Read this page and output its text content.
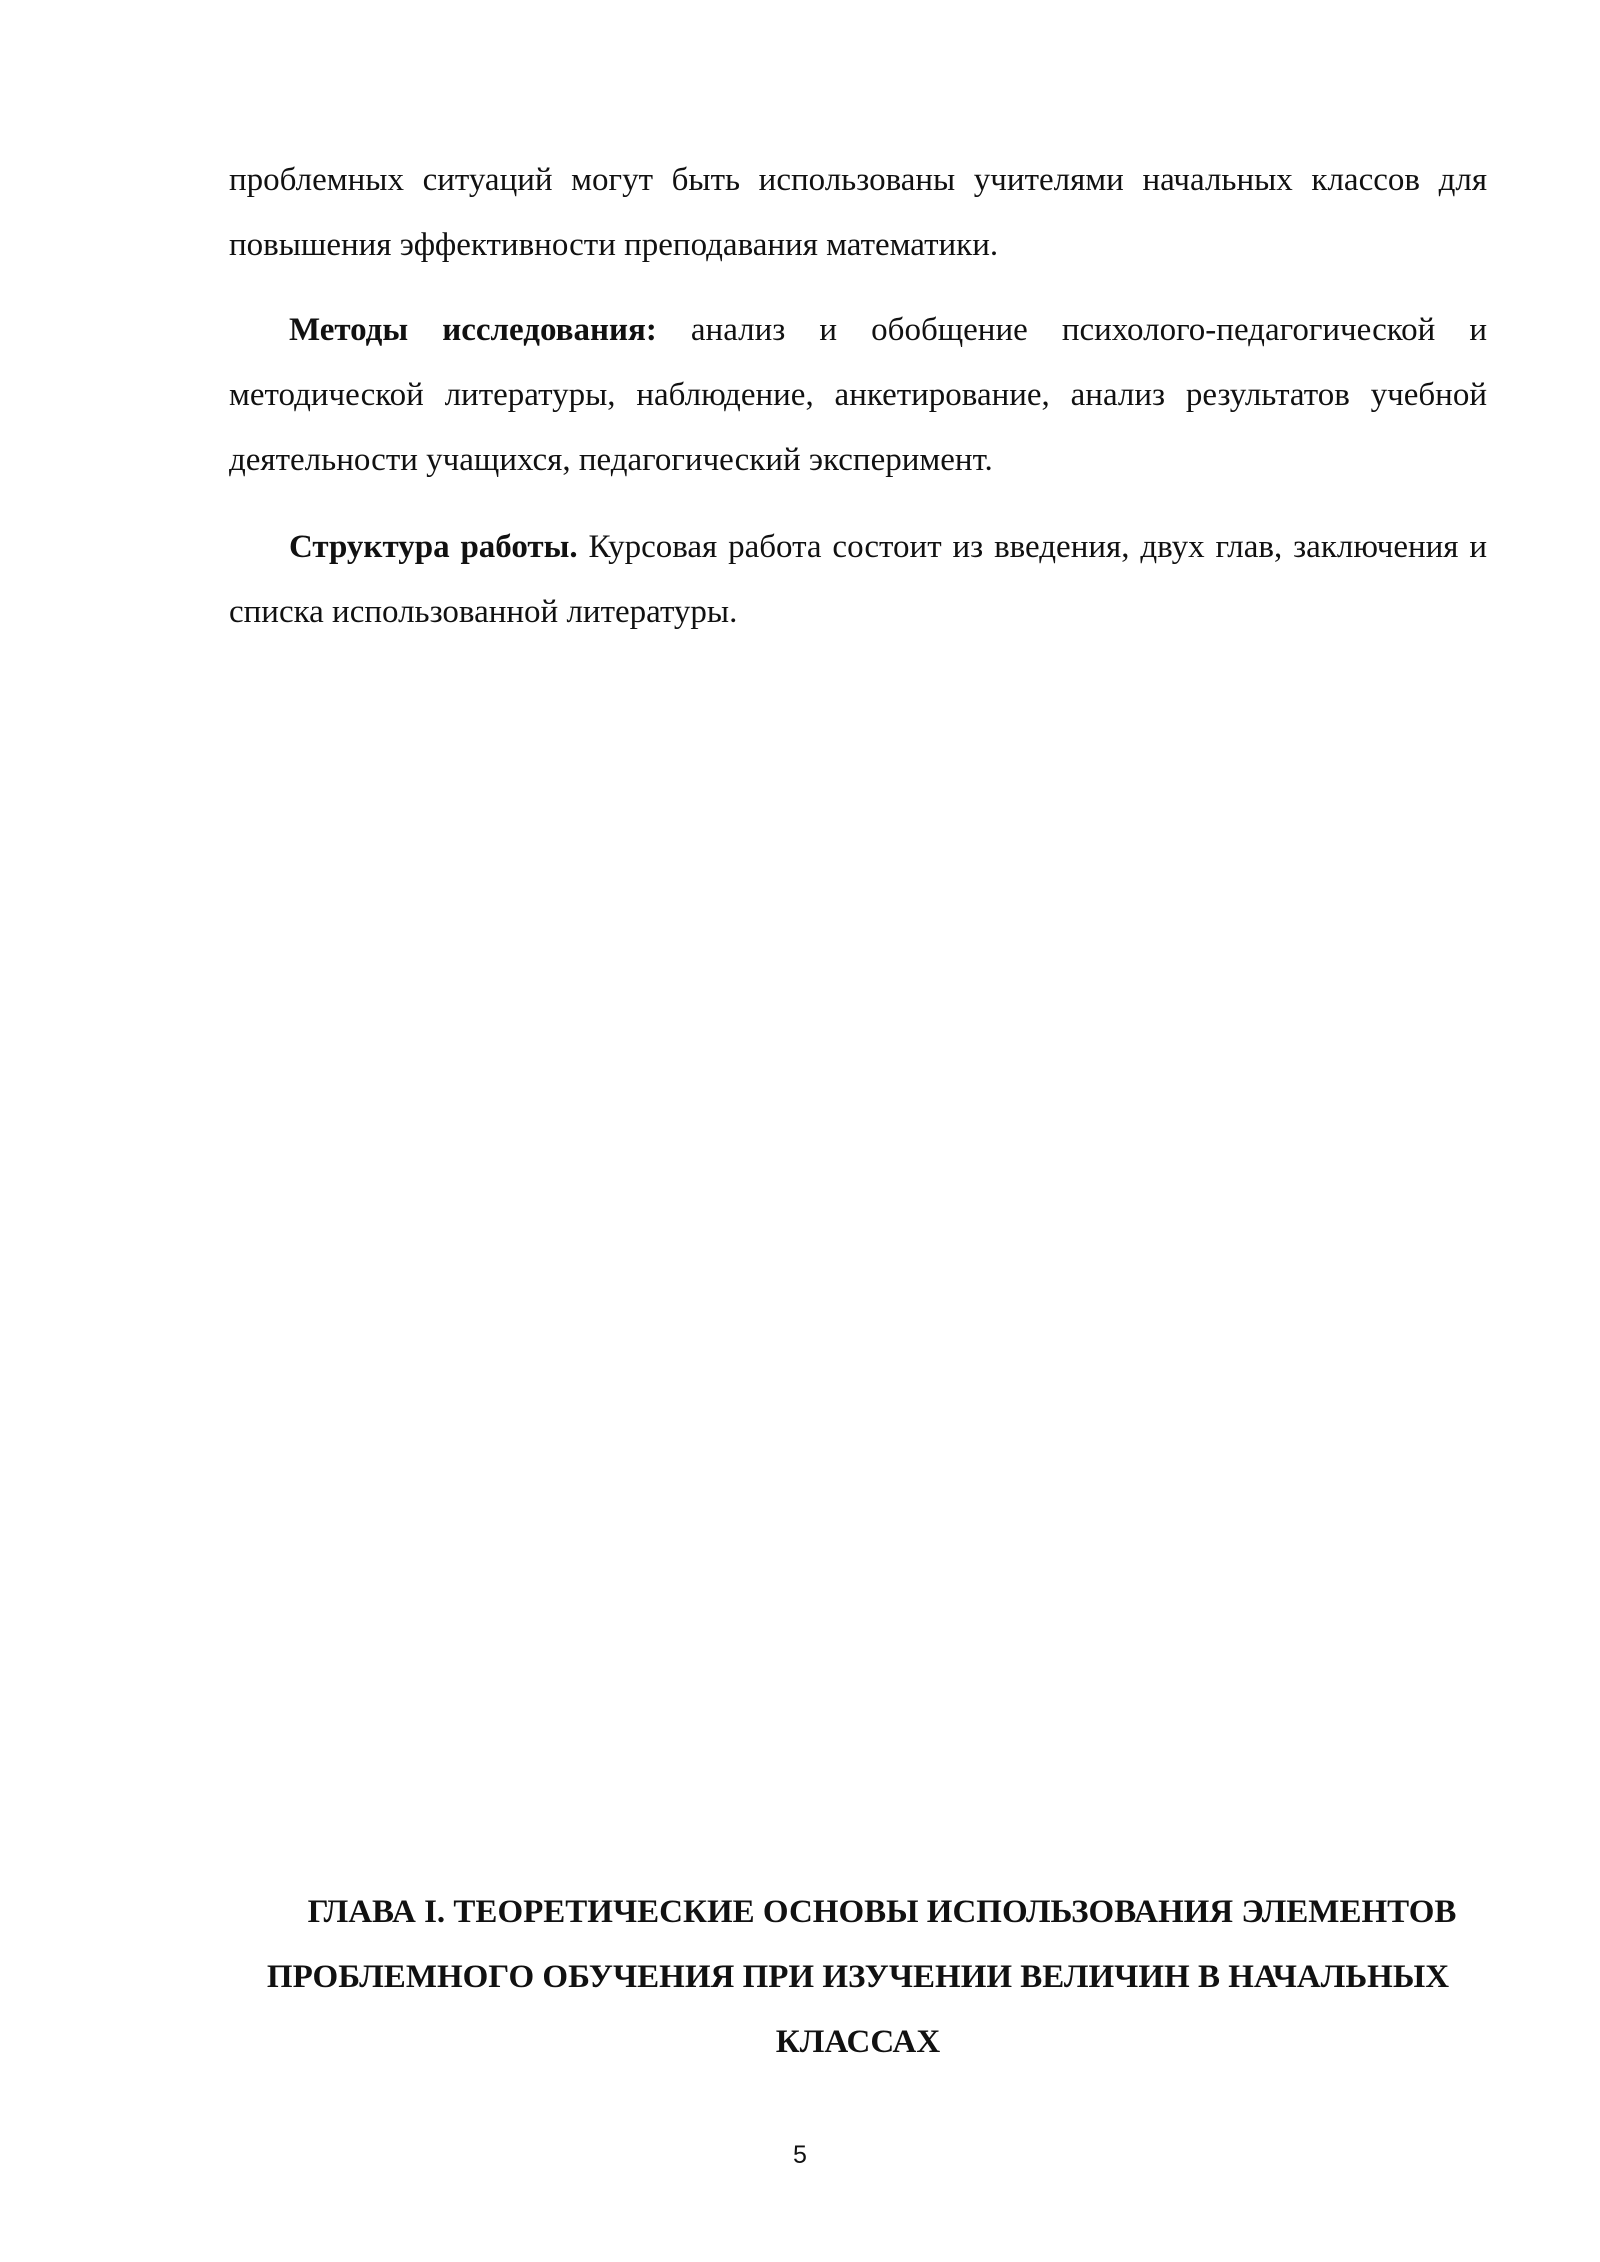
проблемных ситуаций могут быть использованы учителями начальных классов для повышения эффективности преподавания математики.

Методы исследования: анализ и обобщение психолого-педагогической и методической литературы, наблюдение, анкетирование, анализ результатов учебной деятельности учащихся, педагогический эксперимент.

Структура работы. Курсовая работа состоит из введения, двух глав, заключения и списка использованной литературы.

ГЛАВА I. ТЕОРЕТИЧЕСКИЕ ОСНОВЫ ИСПОЛЬЗОВАНИЯ ЭЛЕМЕНТОВ ПРОБЛЕМНОГО ОБУЧЕНИЯ ПРИ ИЗУЧЕНИИ ВЕЛИЧИН В НАЧАЛЬНЫХ КЛАССАХ
5
